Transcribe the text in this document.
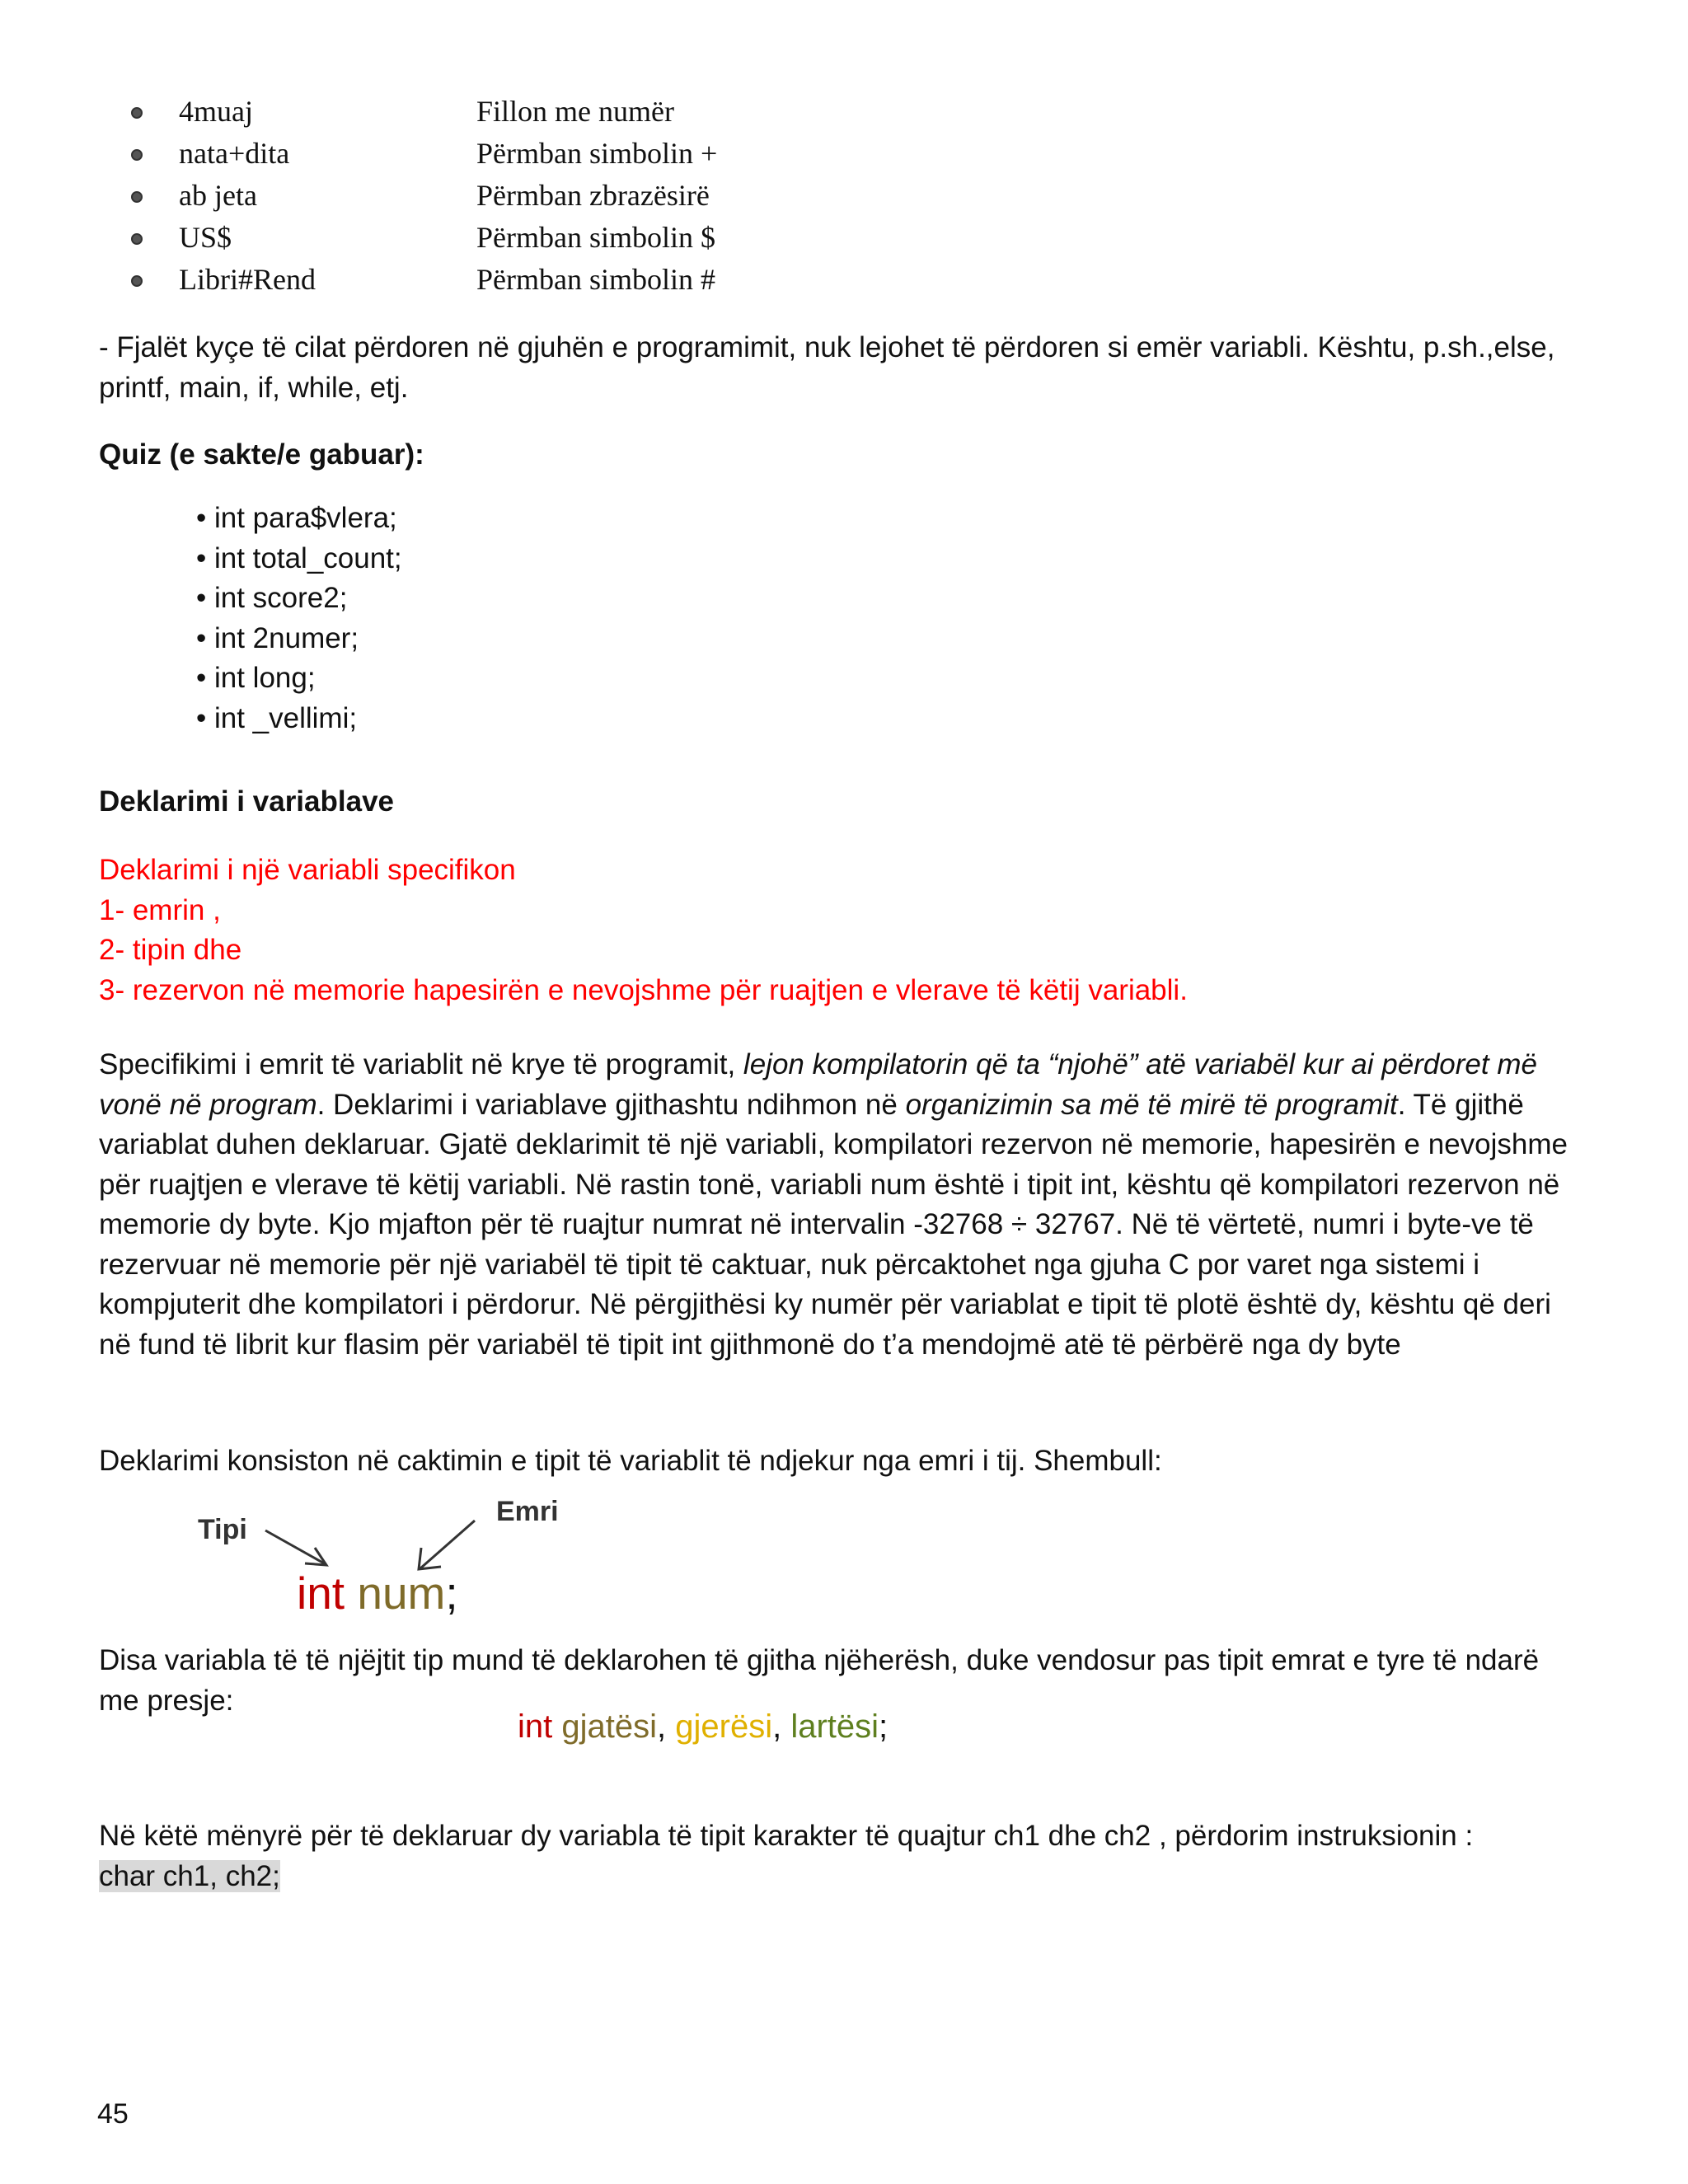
4muaj	Fillon me numër
nata+dita	Përmban simbolin +
ab jeta	Përmban zbrazësirë
US$	Përmban simbolin $
Libri#Rend	Përmban simbolin #
- Fjalët kyçe të cilat përdoren në gjuhën e programimit, nuk lejohet të përdoren si emër variabli. Kështu, p.sh.,else, printf, main, if, while, etj.
Quiz (e sakte/e gabuar):
• int para$vlera;
• int total_count;
• int score2;
• int 2numer;
• int long;
• int _vellimi;
Deklarimi i variablave
Deklarimi i një variabli specifikon
1- emrin ,
2- tipin dhe
3- rezervon në memorie hapesirën e nevojshme për ruajtjen e vlerave të këtij variabli.
Specifikimi i emrit të variablit në krye të programit, lejon kompilatorin që ta “njohë” atë variabël kur ai përdoret më vonë në program. Deklarimi i variablave gjithashtu ndihmon në organizimin sa më të mirë të programit. Të gjithë variablat duhen deklaruar. Gjatë deklarimit të një variabli, kompilatori rezervon në memorie, hapesirën e nevojshme për ruajtjen e vlerave të këtij variabli. Në rastin tonë, variabli num është i tipit int, kështu që kompilatori rezervon në memorie dy byte. Kjo mjafton për të ruajtur numrat në intervalin -32768 ÷ 32767. Në të vërtetë, numri i byte-ve të rezervuar në memorie për një variabël të tipit të caktuar, nuk përcaktohet nga gjuha C por varet nga sistemi i kompjuterit dhe kompilatori i përdorur. Në përgjithësi ky numër për variablat e tipit të plotë është dy, kështu që deri në fund të librit kur flasim për variabël të tipit int gjithmonë do t’a mendojmë atë të përbërë nga dy byte
Deklarimi konsiston në caktimin e tipit të variablit të ndjekur nga emri i tij. Shembull:
Tipi
Emri
int num;
Disa variabla të të njëjtit tip mund të deklarohen të gjitha njëherësh, duke vendosur pas tipit emrat e tyre të ndarë me presje:
int gjatësi, gjerësi, lartësi;
Në këtë mënyrë për të deklaruar dy variabla të tipit karakter të quajtur ch1 dhe ch2 , përdorim instruksionin :
char ch1, ch2;
45
